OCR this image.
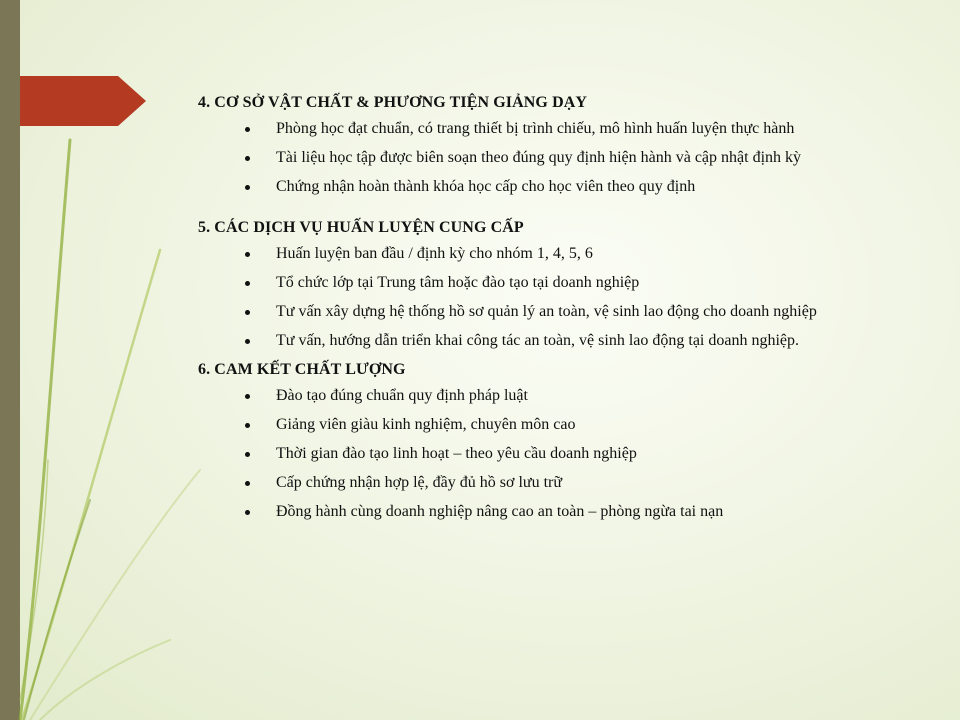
4. CƠ SỞ VẬT CHẤT & PHƯƠNG TIỆN GIẢNG DẠY

Phòng học đạt chuẩn, có trang thiết bị trình chiếu, mô hình huấn luyện thực hành
Tài liệu học tập được biên soạn theo đúng quy định hiện hành và cập nhật định kỳ
Chứng nhận hoàn thành khóa học cấp cho học viên theo quy định

5. CÁC DỊCH VỤ HUẤN LUYỆN CUNG CẤP

Huấn luyện ban đầu / định kỳ cho nhóm 1, 4, 5, 6
Tổ chức lớp tại Trung tâm hoặc đào tạo tại doanh nghiệp
Tư vấn xây dựng hệ thống hồ sơ quản lý an toàn, vệ sinh lao động cho doanh nghiệp
Tư vấn, hướng dẫn triển khai công tác an toàn, vệ sinh lao động tại doanh nghiệp.

6. CAM KẾT CHẤT LƯỢNG

Đào tạo đúng chuẩn quy định pháp luật
Giảng viên giàu kinh nghiệm, chuyên môn cao
Thời gian đào tạo linh hoạt – theo yêu cầu doanh nghiệp
Cấp chứng nhận hợp lệ, đầy đủ hồ sơ lưu trữ
Đồng hành cùng doanh nghiệp nâng cao an toàn – phòng ngừa tai nạn
